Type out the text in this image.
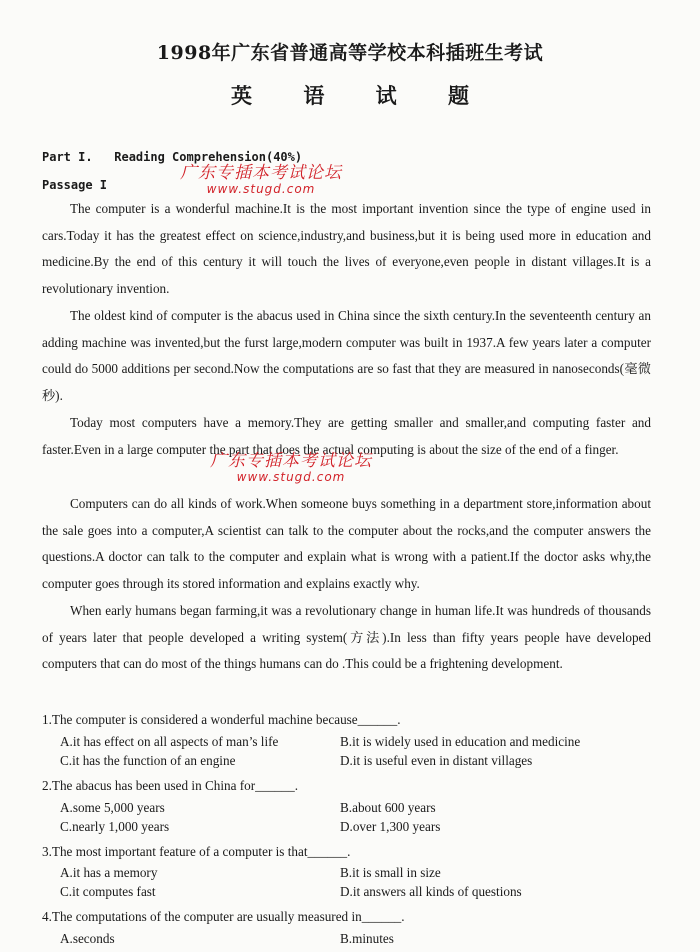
1998年广东省普通高等学校本科插班生考试
英 语 试 题
Part I.   Reading Comprehension(40%)
Passage I
广东专插本考试论坛
www.stugd.com

The computer is a wonderful machine.It is the most important invention since the type of engine used in cars.Today it has the greatest effect on science,industry,and business,but it is being used more in education and medicine.By the end of this century it will touch the lives of everyone,even people in distant villages.It is a revolutionary invention.

The oldest kind of computer is the abacus used in China since the sixth century.In the seventeenth century an adding machine was invented,but the furst large,modern computer was built in 1937.A few years later a computer could do 5000 additions per second.Now the computations are so fast that they are measured in nanoseconds(毫微秒).

Today most computers have a memory.They are getting smaller and smaller,and computing faster and faster.Even in a large computer the part that does the actual computing is about the size of the end of a finger.

广东专插本考试论坛
www.stugd.com

Computers can do all kinds of work.When someone buys something in a department store,information about the sale goes into a computer,A scientist can talk to the computer about the rocks,and the computer answers the questions.A doctor can talk to the computer and explain what is wrong with a patient.If the doctor asks why,the computer goes through its stored information and explains exactly why.

When early humans began farming,it was a revolutionary change in human life.It was hundreds of thousands of years later that people developed a writing system(方法).In less than fifty years people have developed computers that can do most of the things humans can do .This could be a frightening development.

1.The computer is considered a wonderful machine because______.
A.it has effect on all aspects of man’s life	B.it is widely used in education and medicine
C.it has the function of an engine	D.it is useful even in distant villages
2.The abacus has been used in China for______.
A.some 5,000 years	B.about 600 years
C.nearly 1,000 years	D.over 1,300 years
3.The most important feature of a computer is that______.
A.it has a memory	B.it is small in size
C.it computes fast	D.it answers all kinds of questions
4.The computations of the computer are usually measured in______.
A.seconds	B.minutes
